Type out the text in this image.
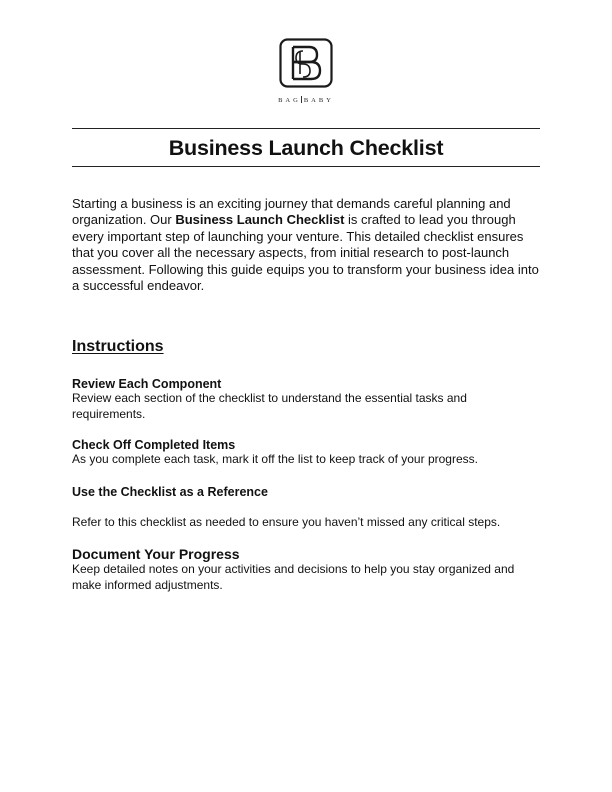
BAG BABY
Business Launch Checklist

Starting a business is an exciting journey that demands careful planning and organization. Our Business Launch Checklist is crafted to lead you through every important step of launching your venture. This detailed checklist ensures that you cover all the necessary aspects, from initial research to post-launch assessment. Following this guide equips you to transform your business idea into a successful endeavor.

Instructions

Review Each Component

Review each section of the checklist to understand the essential tasks and requirements.

Check Off Completed Items

As you complete each task, mark it off the list to keep track of your progress.

Use the Checklist as a Reference

Refer to this checklist as needed to ensure you haven’t missed any critical steps.

Document Your Progress

Keep detailed notes on your activities and decisions to help you stay organized and make informed adjustments.
